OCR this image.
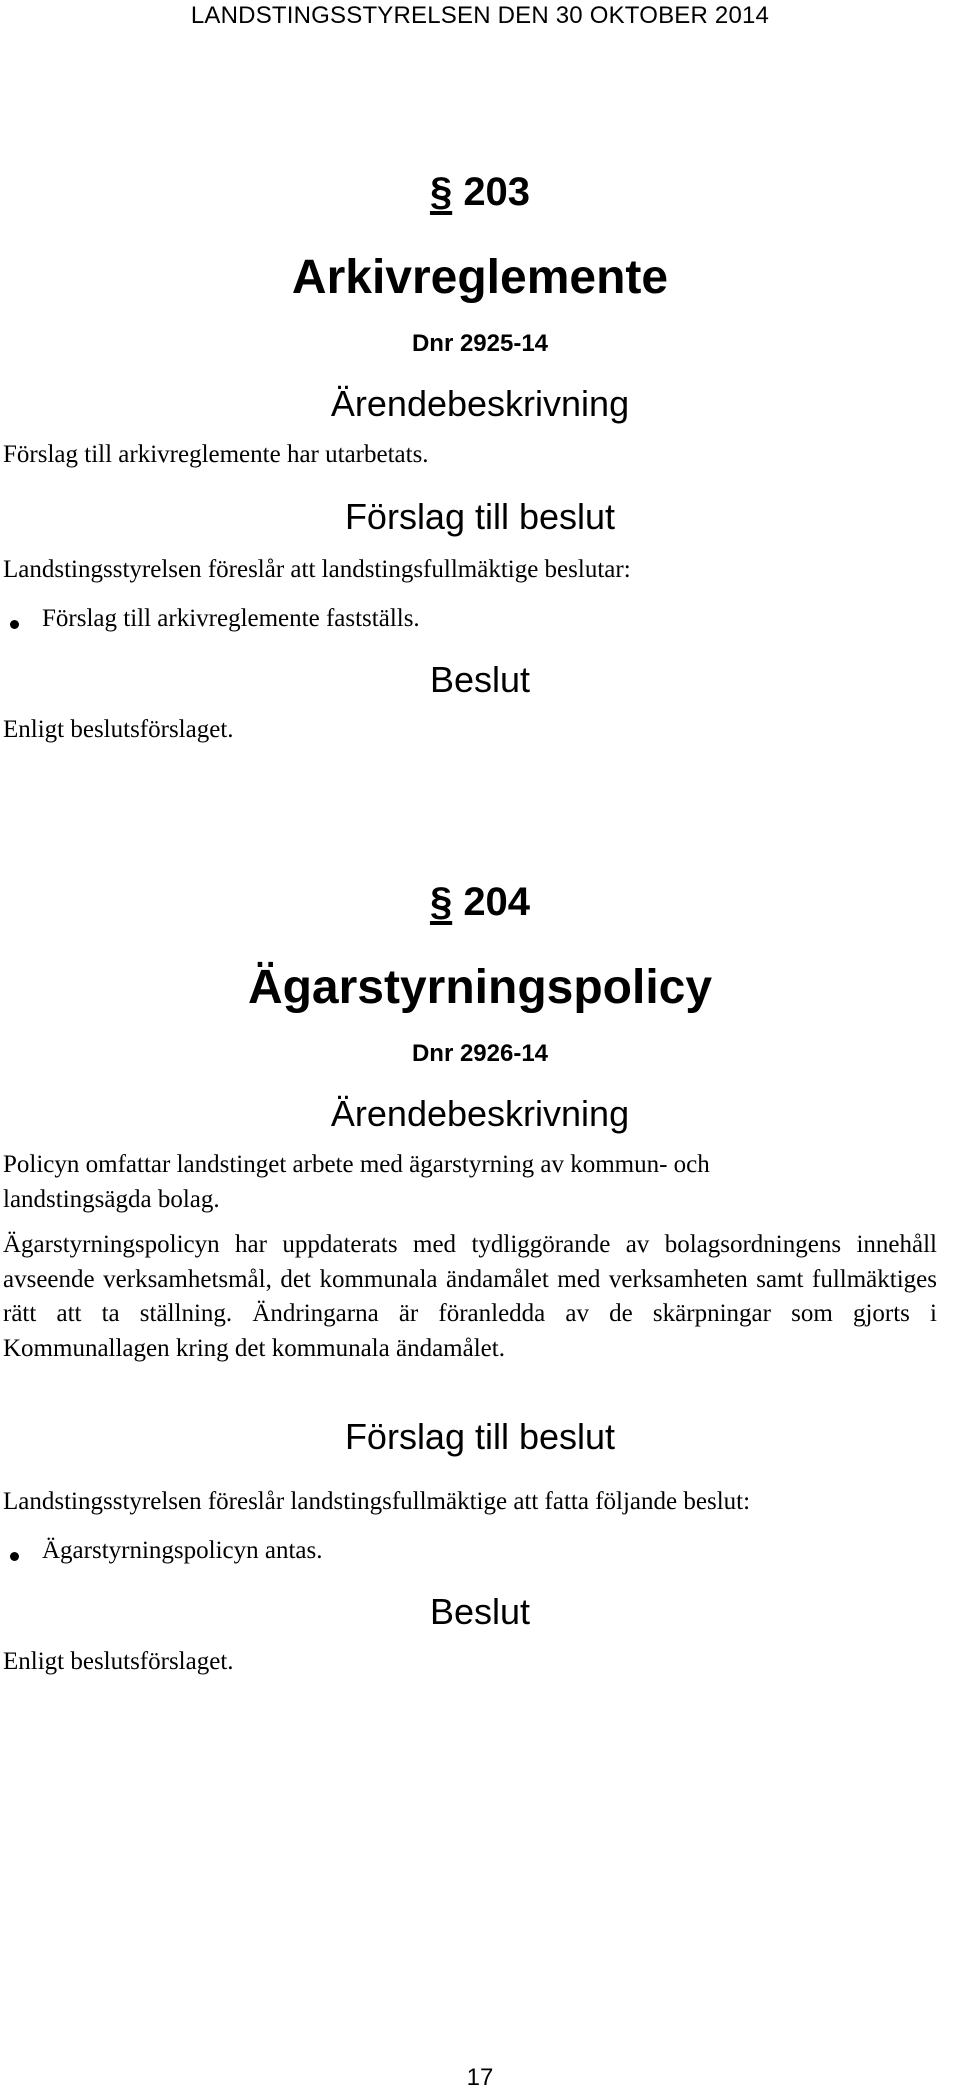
LANDSTINGSSTYRELSEN DEN 30 OKTOBER 2014
§ 203
Arkivreglemente
Dnr 2925-14
Ärendebeskrivning
Förslag till arkivreglemente har utarbetats.
Förslag till beslut
Landstingsstyrelsen föreslår att landstingsfullmäktige beslutar:
Förslag till arkivreglemente fastställs.
Beslut
Enligt beslutsförslaget.
§ 204
Ägarstyrningspolicy
Dnr 2926-14
Ärendebeskrivning
Policyn omfattar landstinget arbete med ägarstyrning av kommun- och
landstingsägda bolag.
Ägarstyrningspolicyn har uppdaterats med tydliggörande av bolagsordningens innehåll avseende verksamhetsmål, det kommunala ändamålet med verksamheten samt fullmäktiges rätt att ta ställning. Ändringarna är föranledda av de skärpningar som gjorts i Kommunallagen kring det kommunala ändamålet.
Förslag till beslut
Landstingsstyrelsen föreslår landstingsfullmäktige att fatta följande beslut:
Ägarstyrningspolicyn antas.
Beslut
Enligt beslutsförslaget.
17
